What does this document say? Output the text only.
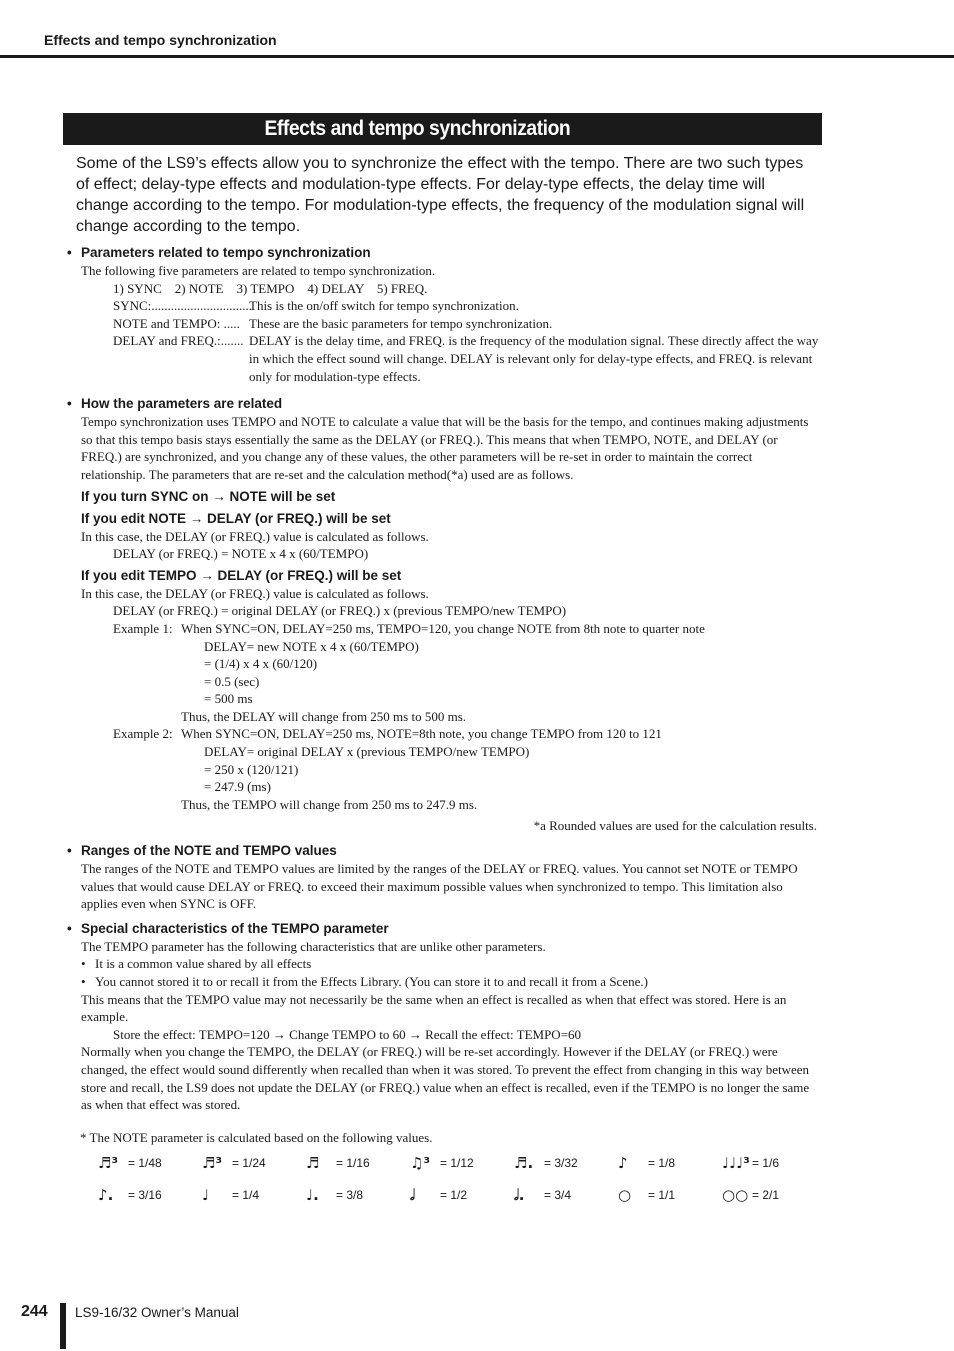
Effects and tempo synchronization
Effects and tempo synchronization

Some of the LS9’s effects allow you to synchronize the effect with the tempo. There are two such types of effect; delay-type effects and modulation-type effects. For delay-type effects, the delay time will change according to the tempo. For modulation-type effects, the frequency of the modulation signal will change according to the tempo.

• Parameters related to tempo synchronization
The following five parameters are related to tempo synchronization.
1) SYNC    2) NOTE    3) TEMPO    4) DELAY    5) FREQ.
SYNC:...............................
This is the on/off switch for tempo synchronization.
NOTE and TEMPO: ..... These are the basic parameters for tempo synchronization.
DELAY and FREQ.:....... DELAY is the delay time, and FREQ. is the frequency of the modulation signal. These directly affect the way in which the effect sound will change. DELAY is relevant only for delay-type effects, and FREQ. is relevant only for modulation-type effects.
• How the parameters are related
Tempo synchronization uses TEMPO and NOTE to calculate a value that will be the basis for the tempo, and continues making adjustments so that this tempo basis stays essentially the same as the DELAY (or FREQ.). This means that when TEMPO, NOTE, and DELAY (or FREQ.) are synchronized, and you change any of these values, the other parameters will be re-set in order to maintain the correct relationship. The parameters that are re-set and the calculation method(*a) used are as follows.
If you turn SYNC on → NOTE will be set
If you edit NOTE → DELAY (or FREQ.) will be set
In this case, the DELAY (or FREQ.) value is calculated as follows.
DELAY (or FREQ.) = NOTE x 4 x (60/TEMPO)
If you edit TEMPO → DELAY (or FREQ.) will be set
In this case, the DELAY (or FREQ.) value is calculated as follows.
DELAY (or FREQ.) = original DELAY (or FREQ.) x (previous TEMPO/new TEMPO)
Example 1: When SYNC=ON, DELAY=250 ms, TEMPO=120, you change NOTE from 8th note to quarter note
DELAY= new NOTE x 4 x (60/TEMPO)
= (1/4) x 4 x (60/120)
= 0.5 (sec)
= 500 ms
Thus, the DELAY will change from 250 ms to 500 ms.
Example 2: When SYNC=ON, DELAY=250 ms, NOTE=8th note, you change TEMPO from 120 to 121
DELAY= original DELAY x (previous TEMPO/new TEMPO)
= 250 x (120/121)
= 247.9 (ms)
Thus, the TEMPO will change from 250 ms to 247.9 ms.
*a Rounded values are used for the calculation results.
• Ranges of the NOTE and TEMPO values
The ranges of the NOTE and TEMPO values are limited by the ranges of the DELAY or FREQ. values. You cannot set NOTE or TEMPO values that would cause DELAY or FREQ. to exceed their maximum possible values when synchronized to tempo. This limitation also applies even when SYNC is OFF.
• Special characteristics of the TEMPO parameter
The TEMPO parameter has the following characteristics that are unlike other parameters.
• It is a common value shared by all effects
• You cannot stored it to or recall it from the Effects Library. (You can store it to and recall it from a Scene.)
This means that the TEMPO value may not necessarily be the same when an effect is recalled as when that effect was stored. Here is an example.
Store the effect: TEMPO=120 → Change TEMPO to 60 → Recall the effect: TEMPO=60
Normally when you change the TEMPO, the DELAY (or FREQ.) will be re-set accordingly. However if the DELAY (or FREQ.) were changed, the effect would sound differently when recalled than when it was stored. To prevent the effect from changing in this way between store and recall, the LS9 does not update the DELAY (or FREQ.) value when an effect is recalled, even if the TEMPO is no longer the same as when that effect was stored.
* The NOTE parameter is calculated based on the following values.
♬³ = 1/48	♬³ = 1/24	♬	= 1/16	♫³ = 1/12	♬. = 3/32	♪	= 1/8	♩♩♩³ = 1/6
♪.	= 3/16	♩	= 1/4	♩.	= 3/8	𝅗𝅥	= 1/2	𝅗𝅥.	= 3/4	○	= 1/1	○○ = 2/1
244 LS9-16/32 Owner’s Manual
